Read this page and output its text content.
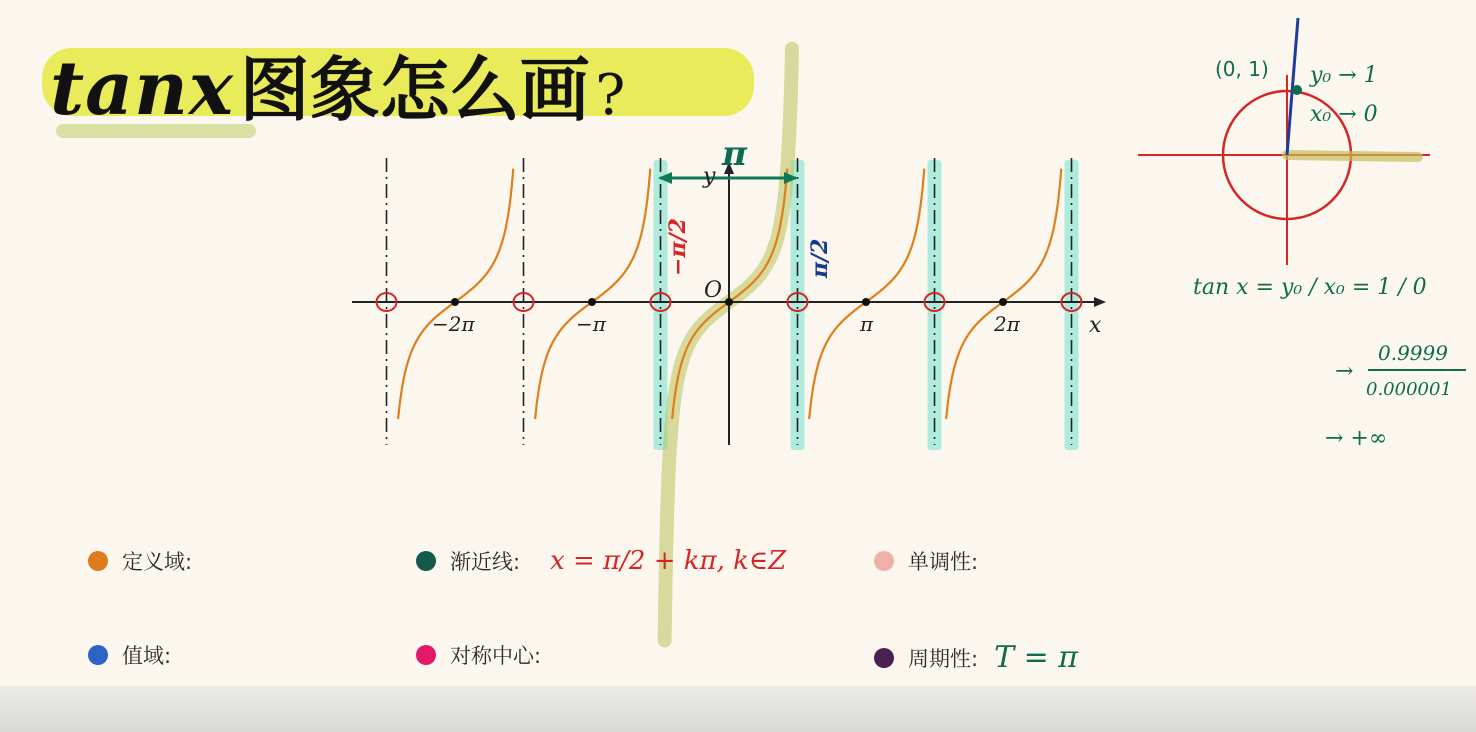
tanx 图象怎么画 ?
π
x
y
O
−2π	−π	π	2π
−π/2	π/2
(0, 1) y₀ → 1
x₀ → 0
tan x = y₀ / x₀ = 1 / 0
→
0.9999
0.000001
→ +∞
定义域:	渐近线: x = π/2 + kπ, k∈Z	单调性:
值域:	对称中心:	周期性: T = π
